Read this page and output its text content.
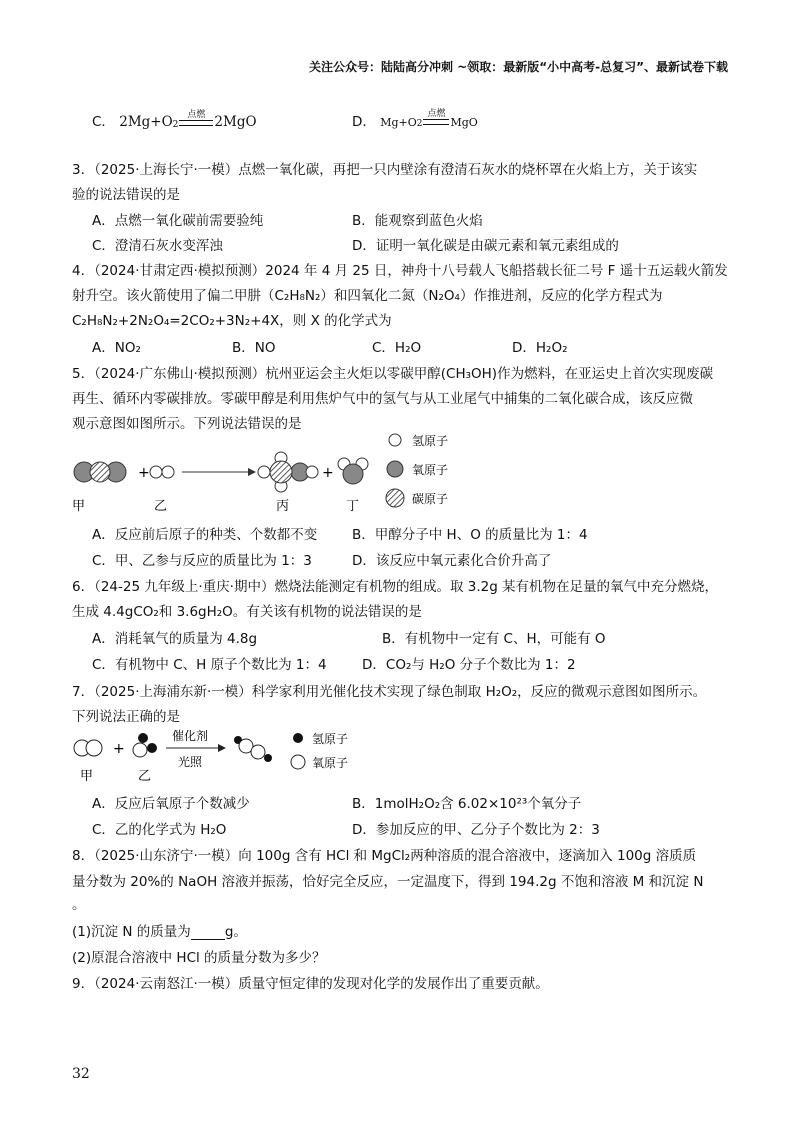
关注公众号：陆陆高分冲刺 ~领取：最新版“小中高考-总复习”、最新试卷下载
C． $2Mg+O_2$
点燃 2MgO	D． Mg+O 2
点燃
MgO
3．（2025·上海长宁·一模）点燃一氧化碳，再把一只内壁涂有澄清石灰水的烧杯罩在火焰上方，关于该实
验的说法错误的是
A．点燃一氧化碳前需要验纯	B．能观察到蓝色火焰
C．澄清石灰水变浑浊	D．证明一氧化碳是由碳元素和氧元素组成的
4．（2024·甘肃定西·模拟预测）2024 年 4 月 25 日，神舟十八号载人飞船搭载长征二号 F 遥十五运载火箭发
射升空。该火箭使用了偏二甲肼（C₂H₈N₂）和四氧化二氮（N₂O₄）作推进剂，反应的化学方程式为
C₂H₈N₂+2N₂O₄=2CO₂+3N₂+4X，则 X 的化学式为
A．NO₂	B．NO	C．H₂O	D．H₂O₂
5．（2024·广东佛山·模拟预测）杭州亚运会主火炬以零碳甲醇(CH₃OH)作为燃料，在亚运史上首次实现废碳
再生、循环内零碳排放。零碳甲醇是利用焦炉气中的氢气与从工业尾气中捕集的二氧化碳合成，该反应微
观示意图如图所示。下列说法错误的是
+	+
甲	乙	丙	丁
氢原子
氧原子
碳原子
A．反应前后原子的种类、个数都不变	B．甲醇分子中 H、O 的质量比为 1：4
C．甲、乙参与反应的质量比为 1：3	D．该反应中氧元素化合价升高了
6．（24-25 九年级上·重庆·期中）燃烧法能测定有机物的组成。取 3.2g 某有机物在足量的氧气中充分燃烧，
生成 4.4gCO₂和 3.6gH₂O。有关该有机物的说法错误的是
A．消耗氧气的质量为 4.8g	B．有机物中一定有 C、H，可能有 O
C．有机物中 C、H 原子个数比为 1：4	D．CO₂与 H₂O 分子个数比为 1：2
7．（2025·上海浦东新·一模）科学家利用光催化技术实现了绿色制取 H₂O₂，反应的微观示意图如图所示。
下列说法正确的是
+
催化剂
光照
甲	乙
氢原子
氧原子
A．反应后氧原子个数减少	B．1molH₂O₂含 6.02×10²³个氧分子
C．乙的化学式为 H₂O	D．参加反应的甲、乙分子个数比为 2：3
8．（2025·山东济宁·一模）向 100g 含有 HCl 和 MgCl₂两种溶质的混合溶液中，逐滴加入 100g 溶质质
量分数为 20%的 NaOH 溶液并振荡，恰好完全反应，一定温度下，得到 194.2g 不饱和溶液 M 和沉淀 N
。
(1)沉淀 N 的质量为	g。
(2)原混合溶液中 HCl 的质量分数为多少？
9．（2024·云南怒江·一模）质量守恒定律的发现对化学的发展作出了重要贡献。
32
